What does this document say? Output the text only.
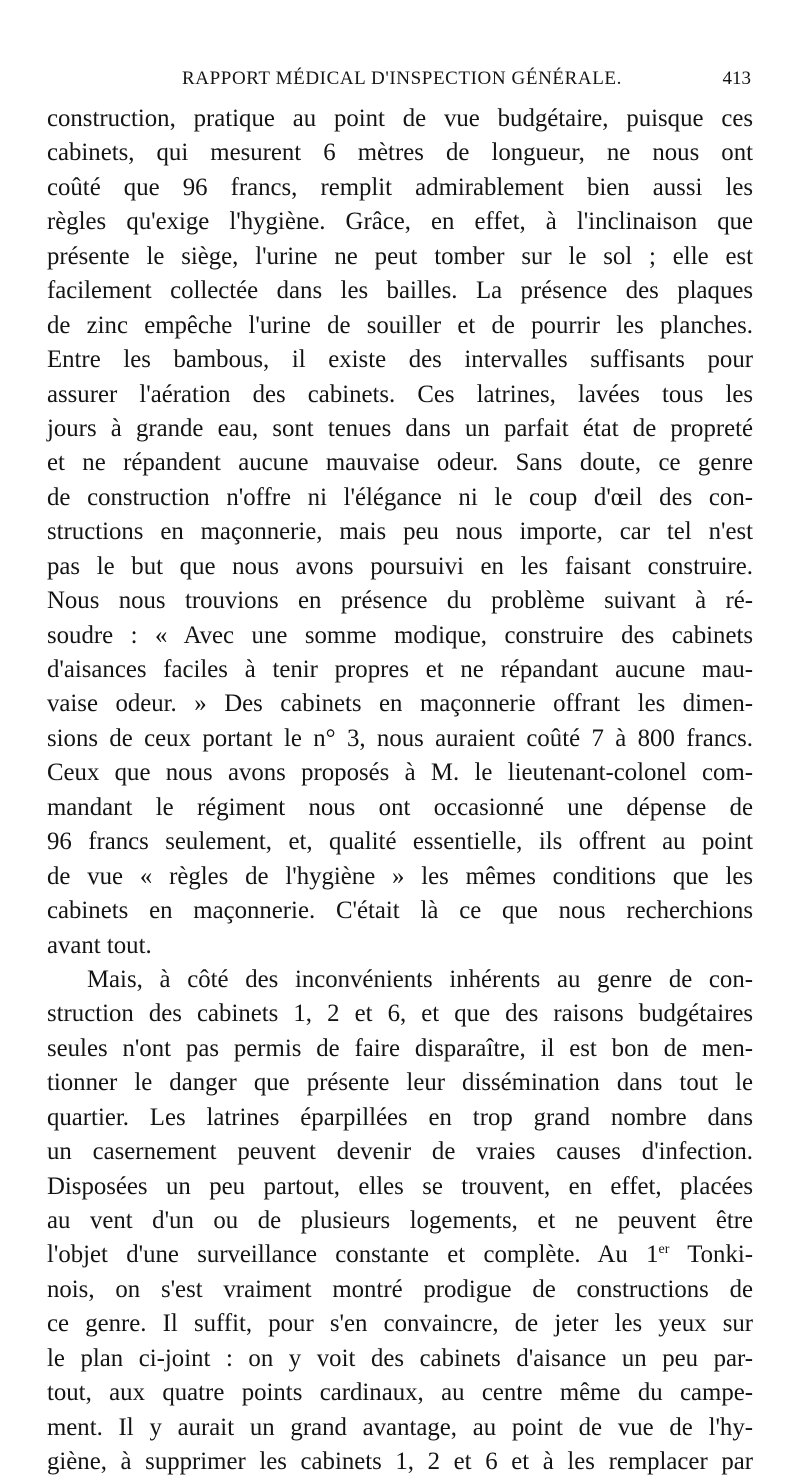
RAPPORT MÉDICAL D'INSPECTION GÉNÉRALE.	413
construction, pratique au point de vue budgétaire, puisque ces
cabinets, qui mesurent 6 mètres de longueur, ne nous ont
coûté que 96 francs, remplit admirablement bien aussi les
règles qu'exige l'hygiène. Grâce, en effet, à l'inclinaison que
présente le siège, l'urine ne peut tomber sur le sol ; elle est
facilement collectée dans les bailles. La présence des plaques
de zinc empêche l'urine de souiller et de pourrir les planches.
Entre les bambous, il existe des intervalles suffisants pour
assurer l'aération des cabinets. Ces latrines, lavées tous les
jours à grande eau, sont tenues dans un parfait état de propreté
et ne répandent aucune mauvaise odeur. Sans doute, ce genre
de construction n'offre ni l'élégance ni le coup d'œil des con-
structions en maçonnerie, mais peu nous importe, car tel n'est
pas le but que nous avons poursuivi en les faisant construire.
Nous nous trouvions en présence du problème suivant à ré-
soudre : « Avec une somme modique, construire des cabinets
d'aisances faciles à tenir propres et ne répandant aucune mau-
vaise odeur. » Des cabinets en maçonnerie offrant les dimen-
sions de ceux portant le n° 3, nous auraient coûté 7 à 800 francs.
Ceux que nous avons proposés à M. le lieutenant-colonel com-
mandant le régiment nous ont occasionné une dépense de
96 francs seulement, et, qualité essentielle, ils offrent au point
de vue « règles de l'hygiène » les mêmes conditions que les
cabinets en maçonnerie. C'était là ce que nous recherchions
avant tout.
Mais, à côté des inconvénients inhérents au genre de con-
struction des cabinets 1, 2 et 6, et que des raisons budgétaires
seules n'ont pas permis de faire disparaître, il est bon de men-
tionner le danger que présente leur dissémination dans tout le
quartier. Les latrines éparpillées en trop grand nombre dans
un casernement peuvent devenir de vraies causes d'infection.
Disposées un peu partout, elles se trouvent, en effet, placées
au vent d'un ou de plusieurs logements, et ne peuvent être
l'objet d'une surveillance constante et complète. Au 1er Tonki-
nois, on s'est vraiment montré prodigue de constructions de
ce genre. Il suffit, pour s'en convaincre, de jeter les yeux sur
le plan ci-joint : on y voit des cabinets d'aisance un peu par-
tout, aux quatre points cardinaux, au centre même du campe-
ment. Il y aurait un grand avantage, au point de vue de l'hy-
giène, à supprimer les cabinets 1, 2 et 6 et à les remplacer par
